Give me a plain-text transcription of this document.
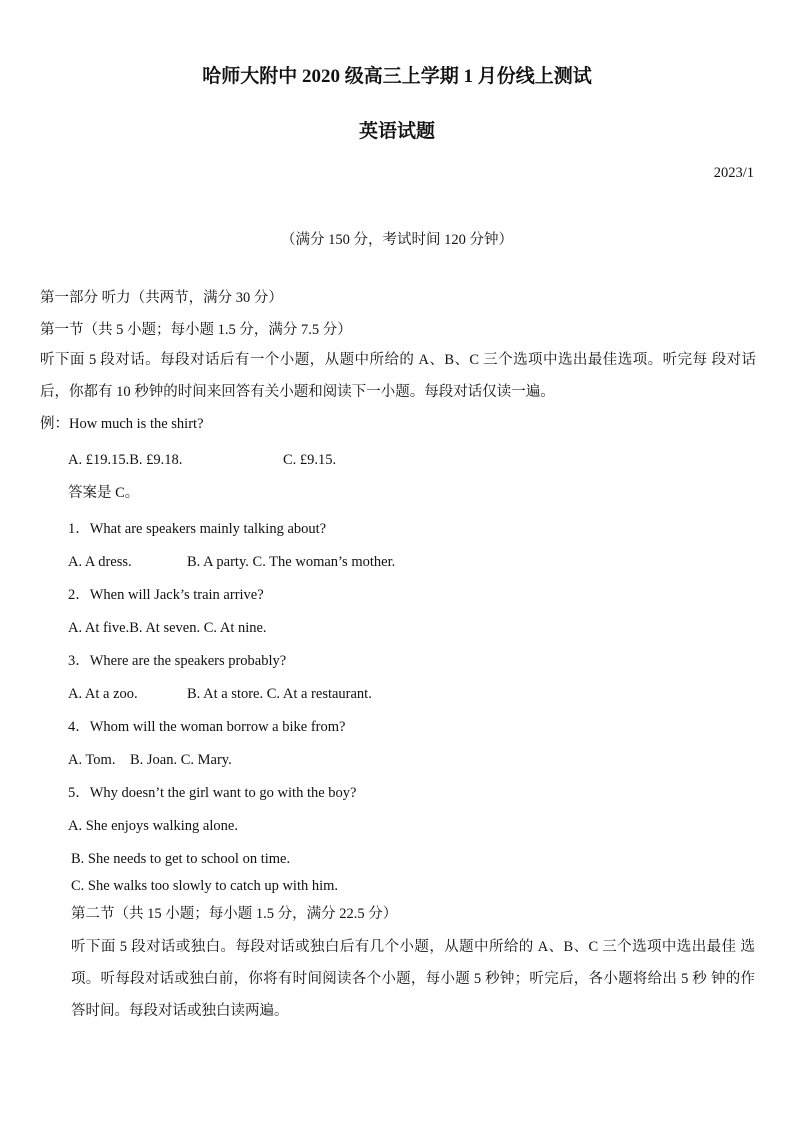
哈师大附中 2020 级高三上学期 1 月份线上测试
英语试题
2023/1
（满分 150 分，考试时间 120 分钟）
第一部分 听力（共两节，满分 30 分）
第一节（共 5 小题；每小题 1.5 分，满分 7.5 分）
听下面 5 段对话。每段对话后有一个小题，从题中所给的 A、B、C 三个选项中选出最佳选项。听完每 段对话后，你都有 10 秒钟的时间来回答有关小题和阅读下一小题。每段对话仅读一遍。
例：How much is the shirt?
A. £19.15.B. £9.18.	C. £9.15.
答案是 C。
1．What are speakers mainly talking about?
A. A dress.	B. A party. C. The woman’s mother.
2．When will Jack’s train arrive?
A. At five.B. At seven. C. At nine.
3．Where are the speakers probably?
A. At a zoo.	B. At a store. C. At a restaurant.
4．Whom will the woman borrow a bike from?
A. Tom.    B. Joan. C. Mary.
5．Why doesn’t the girl want to go with the boy?
A. She enjoys walking alone.
B. She needs to get to school on time.
C. She walks too slowly to catch up with him.
第二节（共 15 小题；每小题 1.5 分，满分 22.5 分）
听下面 5 段对话或独白。每段对话或独白后有几个小题，从题中所给的 A、B、C 三个选项中选出最佳 选项。听每段对话或独白前，你将有时间阅读各个小题，每小题 5 秒钟；听完后，各小题将给出 5 秒 钟的作答时间。每段对话或独白读两遍。
